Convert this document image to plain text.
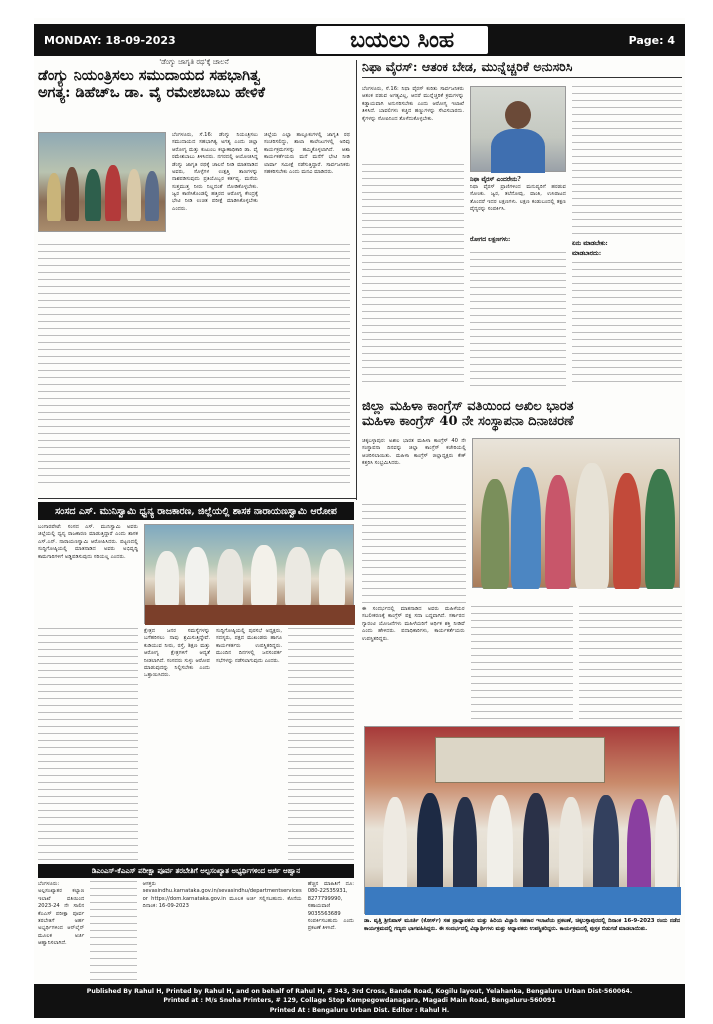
MONDAY: 18-09-2023	ಬಯಲು ಸಿಂಹ	Page: 4
'ಡೆಂಗ್ಯು ಜಾಗೃತಿ ರಥ'ಕ್ಕೆ ಚಾಲನೆ
ಡೆಂಗ್ಯು ನಿಯಂತ್ರಿಸಲು ಸಮುದಾಯದ ಸಹಭಾಗಿತ್ವ
ಅಗತ್ಯ: ಡಿಹೆಚ್‌ಒ ಡಾ. ವೈ ರಮೇಶಬಾಬು ಹೇಳಿಕೆ
ಬೆಂಗಳೂರು, ಸೆ.16: ಡೆಂಗ್ಯು ನಿಯಂತ್ರಿಸಲು ಸಮುದಾಯದ ಸಹಭಾಗಿತ್ವ ಅಗತ್ಯ ಎಂದು ಜಿಲ್ಲಾ ಆರೋಗ್ಯ ಮತ್ತು ಕುಟುಂಬ ಕಲ್ಯಾಣಾಧಿಕಾರಿ ಡಾ. ವೈ ರಮೇಶಬಾಬು ತಿಳಿಸಿದರು. ನಗರದಲ್ಲಿ ಆಯೋಜಿಸಿದ್ದ ಡೆಂಗ್ಯು ಜಾಗೃತಿ ರಥಕ್ಕೆ ಚಾಲನೆ ನೀಡಿ ಮಾತನಾಡಿದ ಅವರು, ಸೊಳ್ಳೆಗಳ ಉತ್ಪತ್ತಿ ತಾಣಗಳನ್ನು ನಾಶಪಡಿಸುವುದು ಪ್ರತಿಯೊಬ್ಬರ ಕರ್ತವ್ಯ. ಮನೆಯ ಸುತ್ತಮುತ್ತ ನೀರು ನಿಲ್ಲದಂತೆ ನೋಡಿಕೊಳ್ಳಬೇಕು. ಜ್ವರ ಕಾಣಿಸಿಕೊಂಡಲ್ಲಿ ಹತ್ತಿರದ ಆರೋಗ್ಯ ಕೇಂದ್ರಕ್ಕೆ ಭೇಟಿ ನೀಡಿ ಉಚಿತ ಪರೀಕ್ಷೆ ಮಾಡಿಸಿಕೊಳ್ಳಬೇಕು ಎಂದರು.
ಜಿಲ್ಲೆಯ ಎಲ್ಲಾ ತಾಲ್ಲೂಕುಗಳಲ್ಲಿ ಜಾಗೃತಿ ರಥ ಸಂಚರಿಸಲಿದ್ದು, ಶಾಲಾ ಕಾಲೇಜುಗಳಲ್ಲಿ ಅರಿವು ಕಾರ್ಯಕ್ರಮಗಳನ್ನು ಹಮ್ಮಿಕೊಳ್ಳಲಾಗಿದೆ. ಆಶಾ ಕಾರ್ಯಕರ್ತೆಯರು ಮನೆ ಮನೆಗೆ ಭೇಟಿ ನೀಡಿ ಲಾರ್ವಾ ಸಮೀಕ್ಷೆ ನಡೆಸುತ್ತಿದ್ದಾರೆ. ಸಾರ್ವಜನಿಕರು ಸಹಕರಿಸಬೇಕು ಎಂದು ಮನವಿ ಮಾಡಿದರು.
ನಿಫಾ ವೈರಸ್: ಆತಂಕ ಬೇಡ, ಮುನ್ನೆಚ್ಚರಿಕೆ ಅನುಸರಿಸಿ
ಬೆಂಗಳೂರು, ಸೆ.16: ನಿಫಾ ವೈರಸ್ ಕುರಿತು ಸಾರ್ವಜನಿಕರು ಆತಂಕ ಪಡುವ ಅಗತ್ಯವಿಲ್ಲ, ಆದರೆ ಮುನ್ನೆಚ್ಚರಿಕೆ ಕ್ರಮಗಳನ್ನು ಕಡ್ಡಾಯವಾಗಿ ಅನುಸರಿಸಬೇಕು ಎಂದು ಆರೋಗ್ಯ ಇಲಾಖೆ ತಿಳಿಸಿದೆ. ಬಾವಲಿಗಳು ಕಚ್ಚಿದ ಹಣ್ಣುಗಳನ್ನು ಸೇವಿಸಬಾರದು. ಕೈಗಳನ್ನು ಸೋಪಿನಿಂದ ತೊಳೆದುಕೊಳ್ಳಬೇಕು.
ನಿಫಾ ವೈರಸ್ ಎಂದರೇನು?
ನಿಫಾ ವೈರಸ್ ಪ್ರಾಣಿಗಳಿಂದ ಮನುಷ್ಯರಿಗೆ ಹರಡುವ ಸೋಂಕು. ಜ್ವರ, ತಲೆನೋವು, ವಾಂತಿ, ಉಸಿರಾಟದ ತೊಂದರೆ ಇದರ ಲಕ್ಷಣಗಳು. ಲಕ್ಷಣ ಕಂಡುಬಂದಲ್ಲಿ ತಕ್ಷಣ ವೈದ್ಯರನ್ನು ಸಂಪರ್ಕಿಸಿ.
ರೋಗದ ಲಕ್ಷಣಗಳು:
ಏನು ಮಾಡಬೇಕು:
ಮಾಡಬಾರದು:
ಜಿಲ್ಲಾ ಮಹಿಳಾ ಕಾಂಗ್ರೆಸ್ ವತಿಯಿಂದ ಅಖಿಲ ಭಾರತ
ಮಹಿಳಾ ಕಾಂಗ್ರೆಸ್ 40 ನೇ ಸಂಸ್ಥಾಪನಾ ದಿನಾಚರಣೆ
ಚಿಕ್ಕಬಳ್ಳಾಪುರ: ಅಖಿಲ ಭಾರತ ಮಹಿಳಾ ಕಾಂಗ್ರೆಸ್ 40 ನೇ ಸಂಸ್ಥಾಪನಾ ದಿನವನ್ನು ಜಿಲ್ಲಾ ಕಾಂಗ್ರೆಸ್ ಕಚೇರಿಯಲ್ಲಿ ಆಚರಿಸಲಾಯಿತು. ಮಹಿಳಾ ಕಾಂಗ್ರೆಸ್ ಜಿಲ್ಲಾಧ್ಯಕ್ಷರು ಕೇಕ್ ಕತ್ತರಿಸಿ ಸಂಭ್ರಮಿಸಿದರು.
ಈ ಸಂದರ್ಭದಲ್ಲಿ ಮಾತನಾಡಿದ ಅವರು ಮಹಿಳೆಯರ ಸಬಲೀಕರಣಕ್ಕೆ ಕಾಂಗ್ರೆಸ್ ಪಕ್ಷ ಸದಾ ಬದ್ಧವಾಗಿದೆ. ಸರ್ಕಾರದ ಗ್ಯಾರಂಟಿ ಯೋಜನೆಗಳು ಮಹಿಳೆಯರಿಗೆ ಆರ್ಥಿಕ ಶಕ್ತಿ ನೀಡಿವೆ ಎಂದು ಹೇಳಿದರು. ಪದಾಧಿಕಾರಿಗಳು, ಕಾರ್ಯಕರ್ತೆಯರು ಉಪಸ್ಥಿತರಿದ್ದರು.
ಸಂಸದ ಎಸ್. ಮುನಿಸ್ವಾಮಿ ಧ್ವನ್ಯ ರಾಜಕಾರಣ, ಜಿಲ್ಲೆಯಲ್ಲಿ ಶಾಸಕ ನಾರಾಯಣಸ್ವಾಮಿ ಆರೋಪ
ಬಂಗಾರಪೇಟೆ: ಸಂಸದ ಎಸ್. ಮುನಿಸ್ವಾಮಿ ಅವರು ಜಿಲ್ಲೆಯಲ್ಲಿ ಧ್ವನ್ಯ ರಾಜಕಾರಣ ಮಾಡುತ್ತಿದ್ದಾರೆ ಎಂದು ಶಾಸಕ ಎಸ್.ಎನ್. ನಾರಾಯಣಸ್ವಾಮಿ ಆರೋಪಿಸಿದರು. ಪಟ್ಟಣದಲ್ಲಿ ಸುದ್ದಿಗೋಷ್ಠಿಯಲ್ಲಿ ಮಾತನಾಡಿದ ಅವರು ಅಭಿವೃದ್ಧಿ ಕಾಮಗಾರಿಗಳಿಗೆ ಅಡ್ಡಿಪಡಿಸುವುದು ಸರಿಯಲ್ಲ ಎಂದರು.
ಕ್ಷೇತ್ರದ ಜನರ ಸಮಸ್ಯೆಗಳನ್ನು ಬಗೆಹರಿಸಲು ನಾವು ಶ್ರಮಿಸುತ್ತಿದ್ದೇವೆ. ಕುಡಿಯುವ ನೀರು, ರಸ್ತೆ, ಶಿಕ್ಷಣ ಮತ್ತು ಆರೋಗ್ಯ ಕ್ಷೇತ್ರಗಳಿಗೆ ಆದ್ಯತೆ ನೀಡಲಾಗಿದೆ. ಸಂಸದರು ಸುಳ್ಳು ಆರೋಪ ಮಾಡುವುದನ್ನು ನಿಲ್ಲಿಸಬೇಕು ಎಂದು ಒತ್ತಾಯಿಸಿದರು.
ಸುದ್ದಿಗೋಷ್ಠಿಯಲ್ಲಿ ಪುರಸಭೆ ಅಧ್ಯಕ್ಷರು, ಸದಸ್ಯರು, ಪಕ್ಷದ ಮುಖಂಡರು ಹಾಗೂ ಕಾರ್ಯಕರ್ತರು ಉಪಸ್ಥಿತರಿದ್ದರು. ಮುಂದಿನ ದಿನಗಳಲ್ಲಿ ಜನಸಂಪರ್ಕ ಸಭೆಗಳನ್ನು ನಡೆಸಲಾಗುವುದು ಎಂದರು.
ಡಿಎಂಎಸ್-ಕೆಎಎಸ್ ಪರೀಕ್ಷಾ ಪೂರ್ವ ತರಬೇತಿಗೆ ಅಲ್ಪಸಂಖ್ಯಾತ ಅಭ್ಯರ್ಥಿಗಳಿಂದ ಅರ್ಜಿ ಆಹ್ವಾನ
ಬೆಂಗಳೂರು: ಅಲ್ಪಸಂಖ್ಯಾತರ ಕಲ್ಯಾಣ ಇಲಾಖೆ ವತಿಯಿಂದ 2023-24 ನೇ ಸಾಲಿನ ಕೆಎಎಸ್ ಪರೀಕ್ಷಾ ಪೂರ್ವ ತರಬೇತಿಗೆ ಅರ್ಹ ಅಭ್ಯರ್ಥಿಗಳಿಂದ ಆನ್‌ಲೈನ್ ಮೂಲಕ ಅರ್ಜಿ ಆಹ್ವಾನಿಸಲಾಗಿದೆ.
ಆಸಕ್ತರು sevasindhu.karnataka.gov.in/sevasindhu/departmentservices or https://dom.karnataka.gov.in ಮೂಲಕ ಅರ್ಜಿ ಸಲ್ಲಿಸಬಹುದು. ಕೊನೆಯ ದಿನಾಂಕ: 16-09-2023
ಹೆಚ್ಚಿನ ಮಾಹಿತಿಗೆ ದೂ: 080-22535931, 8277799990, ಸಹಾಯವಾಣಿ 9035563689 ಸಂಪರ್ಕಿಸಬಹುದು ಎಂದು ಪ್ರಕಟಣೆ ತಿಳಿಸಿದೆ.
ಡಾ. ವೃತ್ತಿ ಶ್ರೀನಿವಾಸ್ ಮೂರ್ತಿ (ಕೋರ್ಸ್) ಸಹ ಪ್ರಾಧ್ಯಾಪಕರು ಮತ್ತು ಹಿರಿಯ ವಿಜ್ಞಾನಿ ಸಹಕಾರ ಇಲಾಖೆಯ ಪ್ರಕಟಣೆ, ಚಿಕ್ಕಬಳ್ಳಾಪುರದಲ್ಲಿ ದಿನಾಂಕ 16-9-2023 ರಂದು ನಡೆದ ಕಾರ್ಯಕ್ರಮದಲ್ಲಿ ಗಣ್ಯರು ಭಾಗವಹಿಸಿದ್ದರು. ಈ ಸಂದರ್ಭದಲ್ಲಿ ವಿದ್ಯಾರ್ಥಿಗಳು ಮತ್ತು ಅಧ್ಯಾಪಕರು ಉಪಸ್ಥಿತರಿದ್ದರು. ಕಾರ್ಯಕ್ರಮದಲ್ಲಿ ಪುಸ್ತಕ ಬಿಡುಗಡೆ ಮಾಡಲಾಯಿತು.
Published By Rahul H, Printed by Rahul H, and on behalf of Rahul H, # 343, 3rd Cross, Bande Road, Kogilu layout, Yelahanka, Bengaluru Urban Dist-560064.
Printed at : M/s Sneha Printers, # 129, Collage Stop Kempegowdanagara, Magadi Main Road, Bengaluru-560091
Printed At : Bengaluru Urban Dist. Editor : Rahul H.
